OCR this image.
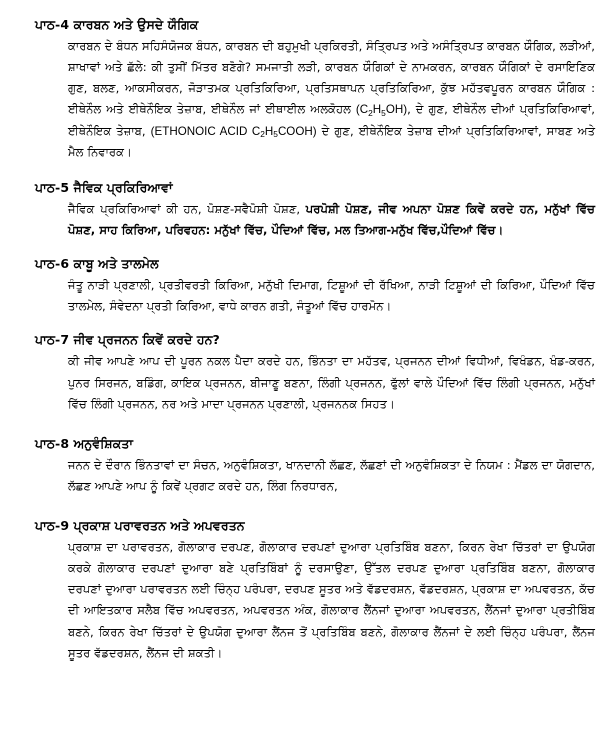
ਪਾਠ-4 ਕਾਰਬਨ ਅਤੇ ਉਸਦੇ ਯੌਗਿਕ

ਕਾਰਬਨ ਦੇ ਬੰਧਨ ਸਹਿਸੰਯੋਜਕ ਬੰਧਨ, ਕਾਰਬਨ ਦੀ ਬਹੁਮੁਖੀ ਪ੍ਰਕਿਰਤੀ, ਸੰਤ੍ਰਿਪਤ ਅਤੇ ਅਸੰਤ੍ਰਿਪਤ ਕਾਰਬਨ ਯੌਗਿਕ, ਲੜੀਆਂ, ਸ਼ਾਖਾਵਾਂ ਅਤੇ ਛੱਲੇ: ਕੀ ਤੁਸੀਂ ਮਿੱਤਰ ਬਣੋਗੇ? ਸਮਜਾਤੀ ਲੜੀ, ਕਾਰਬਨ ਯੌਗਿਕਾਂ ਦੇ ਨਾਮਕਰਨ, ਕਾਰਬਨ ਯੌਗਿਕਾਂ ਦੇ ਰਸਾਇਣਿਕ ਗੁਣ, ਬਲਣ, ਆਕਸੀਕਰਨ, ਜੋੜਾਤਮਕ ਪ੍ਰਤਿਕਿਰਿਆ, ਪ੍ਰਤਿਸਥਾਪਨ ਪ੍ਰਤਿਕਿਰਿਆ, ਕੁੱਝ ਮਹੱਤਵਪੂਰਨ ਕਾਰਬਨ ਯੌਗਿਕ : ਈਥੇਨੌਲ ਅਤੇ ਈਥੇਨੌਇਕ ਤੇਜ਼ਾਬ, ਈਥੇਨੌਲ ਜਾਂ ਈਥਾਈਲ ਅਲਕੋਹਲ $(C_2H_5OH)$, ਦੇ ਗੁਣ, ਈਥੇਨੌਲ ਦੀਆਂ ਪ੍ਰਤਿਕਿਰਿਆਵਾਂ, ਈਥੇਨੌਇਕ ਤੇਜ਼ਾਬ, (ETHONOIC ACID $C_2H_5COOH$) ਦੇ ਗੁਣ, ਈਥੇਨੌਇਕ ਤੇਜ਼ਾਬ ਦੀਆਂ ਪ੍ਰਤਿਕਿਰਿਆਵਾਂ, ਸਾਬਣ ਅਤੇ ਮੈਲ ਨਿਵਾਰਕ।

ਪਾਠ-5 ਜੈਵਿਕ ਪ੍ਰਕਿਰਿਆਵਾਂ

ਜੈਵਿਕ ਪ੍ਰਕਿਰਿਆਵਾਂ ਕੀ ਹਨ, ਪੋਸ਼ਣ-ਸਵੈਪੋਸ਼ੀ ਪੋਸ਼ਣ, ਪਰਪੋਸ਼ੀ ਪੋਸ਼ਣ, ਜੀਵ ਅਪਨਾ ਪੋਸ਼ਣ ਕਿਵੇਂ ਕਰਦੇ ਹਨ, ਮਨੁੱਖਾਂ ਵਿੱਚ ਪੋਸ਼ਣ, ਸਾਹ ਕਿਰਿਆ, ਪਰਿਵਹਨ: ਮਨੁੱਖਾਂ ਵਿੱਚ, ਪੌਦਿਆਂ ਵਿੱਚ, ਮਲ ਤਿਆਗ-ਮਨੁੱਖ ਵਿੱਚ,ਪੌਦਿਆਂ ਵਿੱਚ।

ਪਾਠ-6 ਕਾਬੂ ਅਤੇ ਤਾਲਮੇਲ

ਜੰਤੂ ਨਾੜੀ ਪ੍ਰਣਾਲੀ, ਪ੍ਰਤੀਵਰਤੀ ਕਿਰਿਆ, ਮਨੁੱਖੀ ਦਿਮਾਗ, ਟਿਸ਼ੂਆਂ ਦੀ ਰੱਖਿਆ, ਨਾੜੀ ਟਿਸ਼ੂਆਂ ਦੀ ਕਿਰਿਆ, ਪੌਦਿਆਂ ਵਿੱਚ ਤਾਲਮੇਲ, ਸੰਵੇਦਨਾ ਪ੍ਰਤੀ ਕਿਰਿਆ, ਵਾਧੇ ਕਾਰਨ ਗਤੀ, ਜੰਤੂਆਂ ਵਿੱਚ ਹਾਰਮੋਨ।

ਪਾਠ-7 ਜੀਵ ਪ੍ਰਜਨਨ ਕਿਵੇਂ ਕਰਦੇ ਹਨ?

ਕੀ ਜੀਵ ਆਪਣੇ ਆਪ ਦੀ ਪੂਰਨ ਨਕਲ ਪੈਦਾ ਕਰਦੇ ਹਨ, ਭਿੰਨਤਾ ਦਾ ਮਹੱਤਵ, ਪ੍ਰਜਨਨ ਦੀਆਂ ਵਿਧੀਆਂ, ਵਿਖੰਡਨ, ਖੰਡ-ਕਰਨ, ਪੁਨਰ ਸਿਰਜਨ, ਬਡਿੰਗ, ਕਾਇਕ ਪ੍ਰਜਨਨ, ਬੀਜਾਣੂ ਬਣਨਾ, ਲਿੰਗੀ ਪ੍ਰਜਨਨ, ਫੁੱਲਾਂ ਵਾਲੇ ਪੌਦਿਆਂ ਵਿੱਚ ਲਿੰਗੀ ਪ੍ਰਜਨਨ, ਮਨੁੱਖਾਂ ਵਿੱਚ ਲਿੰਗੀ ਪ੍ਰਜਨਨ, ਨਰ ਅਤੇ ਮਾਦਾ ਪ੍ਰਜਨਨ ਪ੍ਰਣਾਲੀ, ਪ੍ਰਜਨਨਕ ਸਿਹਤ।

ਪਾਠ-8 ਅਨੁਵੰਸ਼ਿਕਤਾ

ਜਨਨ ਦੇ ਦੌਰਾਨ ਭਿੰਨਤਾਵਾਂ ਦਾ ਸੰਚਨ, ਅਨੁਵੰਸ਼ਿਕਤਾ, ਖਾਨਦਾਨੀ ਲੱਛਣ, ਲੱਛਣਾਂ ਦੀ ਅਨੁਵੰਸ਼ਿਕਤਾ ਦੇ ਨਿਯਮ : ਮੈਂਡਲ ਦਾ ਯੋਗਦਾਨ, ਲੱਛਣ ਆਪਣੇ ਆਪ ਨੂੰ ਕਿਵੇਂ ਪ੍ਰਗਟ ਕਰਦੇ ਹਨ, ਲਿੰਗ ਨਿਰਧਾਰਨ,

ਪਾਠ-9 ਪ੍ਰਕਾਸ਼ ਪਰਾਵਰਤਨ ਅਤੇ ਅਪਵਰਤਨ

ਪ੍ਰਕਾਸ਼ ਦਾ ਪਰਾਵਰਤਨ, ਗੋਲਾਕਾਰ ਦਰਪਣ, ਗੋਲਾਕਾਰ ਦਰਪਣਾਂ ਦੁਆਰਾ ਪ੍ਰਤਿਬਿੰਬ ਬਣਨਾ, ਕਿਰਨ ਰੇਖਾ ਚਿੱਤਰਾਂ ਦਾ ਉਪਯੋਗ ਕਰਕੇ ਗੋਲਾਕਾਰ ਦਰਪਣਾਂ ਦੁਆਰਾ ਬਣੇ ਪ੍ਰਤਿਬਿੰਬਾਂ ਨੂੰ ਦਰਸਾਉਣਾ, ਉੱਤਲ ਦਰਪਣ ਦੁਆਰਾ ਪ੍ਰਤਿਬਿੰਬ ਬਣਨਾ, ਗੋਲਾਕਾਰ ਦਰਪਣਾਂ ਦੁਆਰਾ ਪਰਾਵਰਤਨ ਲਈ ਚਿੰਨ੍ਹ ਪਰੰਪਰਾ, ਦਰਪਣ ਸੂਤਰ ਅਤੇ ਵੱਡਦਰਸ਼ਨ, ਵੱਡਦਰਸ਼ਨ, ਪ੍ਰਕਾਸ਼ ਦਾ ਅਪਵਰਤਨ, ਕੱਚ ਦੀ ਆਇਤਕਾਰ ਸਲੈਬ ਵਿੱਚ ਅਪਵਰਤਨ, ਅਪਵਰਤਨ ਅੰਕ, ਗੋਲਾਕਾਰ ਲੈਂਨਜਾਂ ਦੁਆਰਾ ਅਪਵਰਤਨ, ਲੈਂਨਜਾਂ ਦੁਆਰਾ ਪ੍ਰਤੀਬਿੰਬ ਬਣਨੇ, ਕਿਰਨ ਰੇਖਾ ਚਿੱਤਰਾਂ ਦੇ ਉਪਯੋਗ ਦੁਆਰਾ ਲੈਂਨਜ ਤੋਂ ਪ੍ਰਤਿਬਿੰਬ ਬਣਨੇ, ਗੋਲਾਕਾਰ ਲੈਂਨਜਾਂ ਦੇ ਲਈ ਚਿੰਨ੍ਹ ਪਰੰਪਰਾ, ਲੈਂਨਜ ਸੂਤਰ ਵੱਡਦਰਸ਼ਨ, ਲੈਂਨਜ ਦੀ ਸ਼ਕਤੀ।
